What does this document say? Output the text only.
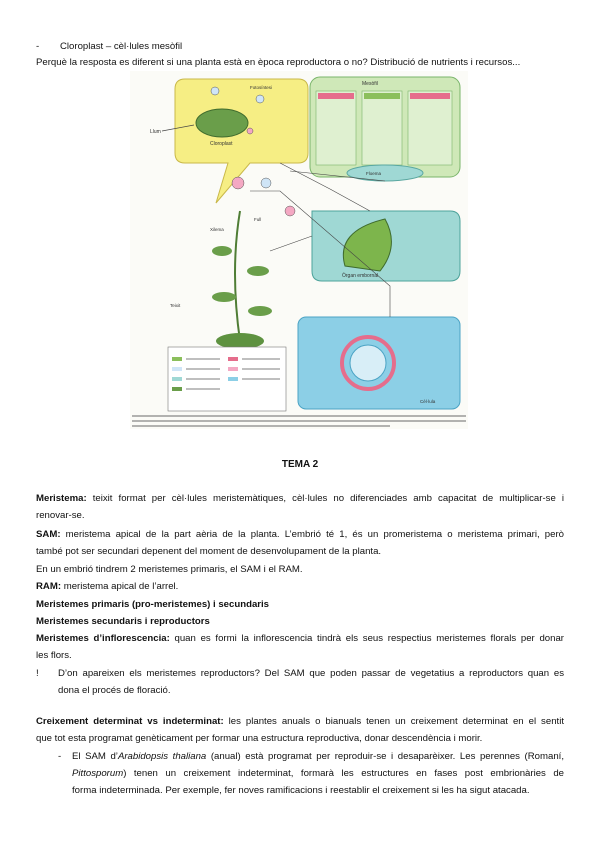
- Cloroplast – cèl·lules mesòfil
Perquè la resposta es diferent si una planta està en època reproductora o no? Distribució de nutrients i recursos...
Cloroplast
Llum
Fotosíntesi
Mesòfil
Floema
Òrgan embornal
Cèl·lula
Full
Xilema
Teixit
TEMA 2
Meristema: teixit format per cèl·lules meristemàtiques, cèl·lules no diferenciades amb capacitat de multiplicar-se i
renovar-se.
SAM: meristema apical de la part aèria de la planta. L’embrió té 1, és un promeristema o meristema primari, però
també pot ser secundari depenent del moment de desenvolupament de la planta.
En un embrió tindrem 2 meristemes primaris, el SAM i el RAM.
RAM: meristema apical de l’arrel.
Meristemes primaris (pro-meristemes) i secundaris
Meristemes secundaris i reproductors
Meristemes d’inflorescencia: quan es formi la inflorescencia tindrà els seus respectius meristemes florals per donar
les flors.
! D’on apareixen els meristemes reproductors? Del SAM que poden passar de vegetatius a reproductors quan es
dona el procés de floració.
Creixement determinat vs indeterminat: les plantes anuals o bianuals tenen un creixement determinat en el sentit
que tot esta programat genèticament per formar una estructura reproductiva, donar descendència i morir.
- El SAM d’Arabidopsis thaliana (anual) està programat per reproduir-se i desaparèixer. Les perennes (Romaní,
Pittosporum) tenen un creixement indeterminat, formarà les estructures en fases post embrionàries de
forma indeterminada. Per exemple, fer noves ramificacions i reestablir el creixement si les ha sigut atacada.
